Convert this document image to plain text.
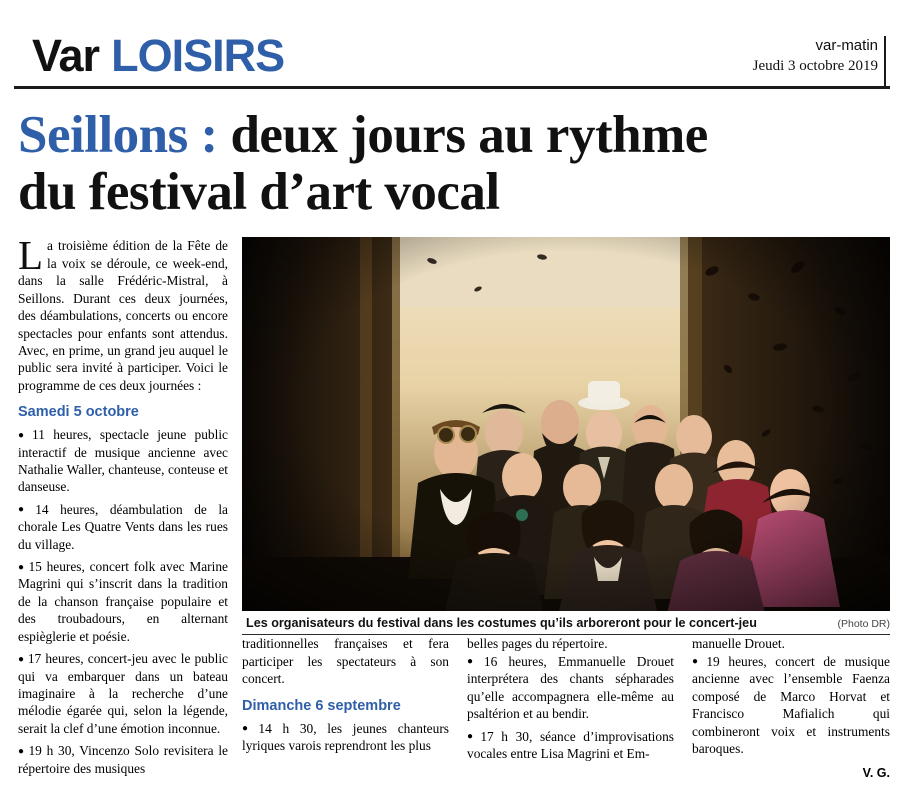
Var LOISIRS	var-matin
Jeudi 3 octobre 2019
Seillons : deux jours au rythme
du festival d’art vocal
L a troisième édition de la Fête de la voix se déroule, ce week-end, dans la salle Frédéric-Mistral, à Seillons. Durant ces deux journées, des déambulations, concerts ou encore spectacles pour enfants sont attendus. Avec, en prime, un grand jeu auquel le public sera invité à participer. Voici le programme de ces deux journées :

Samedi 5 octobre

● 11 heures, spectacle jeune public interactif de musique ancienne avec Nathalie Waller, chanteuse, conteuse et danseuse.

● 14 heures, déambulation de la chorale Les Quatre Vents dans les rues du village.

● 15 heures, concert folk avec Marine Magrini qui s’inscrit dans la tradition de la chanson française populaire et des troubadours, en alternant espièglerie et poésie.

● 17 heures, concert-jeu avec le public qui va embarquer dans un bateau imaginaire à la recherche d’une mélodie égarée qui, selon la légende, serait la clef d’une émotion inconnue.

● 19 h 30, Vincenzo Solo revisitera le répertoire des musiques

Les organisateurs du festival dans les costumes qu’ils arboreront pour le concert-jeu	(Photo DR)

traditionnelles françaises et fera participer les spectateurs à son concert.

Dimanche 6 septembre

● 14 h 30, les jeunes chanteurs lyriques varois reprendront les plus

belles pages du répertoire.

● 16 heures, Emmanuelle Drouet interprétera des chants sépharades qu’elle accompagnera elle-même au psaltérion et au bendir.

● 17 h 30, séance d’improvisations vocales entre Lisa Magrini et Em-

manuelle Drouet.

● 19 heures, concert de musique ancienne avec l’ensemble Faenza composé de Marco Horvat et Francisco Mafialich qui combineront voix et instruments baroques.

V. G.
